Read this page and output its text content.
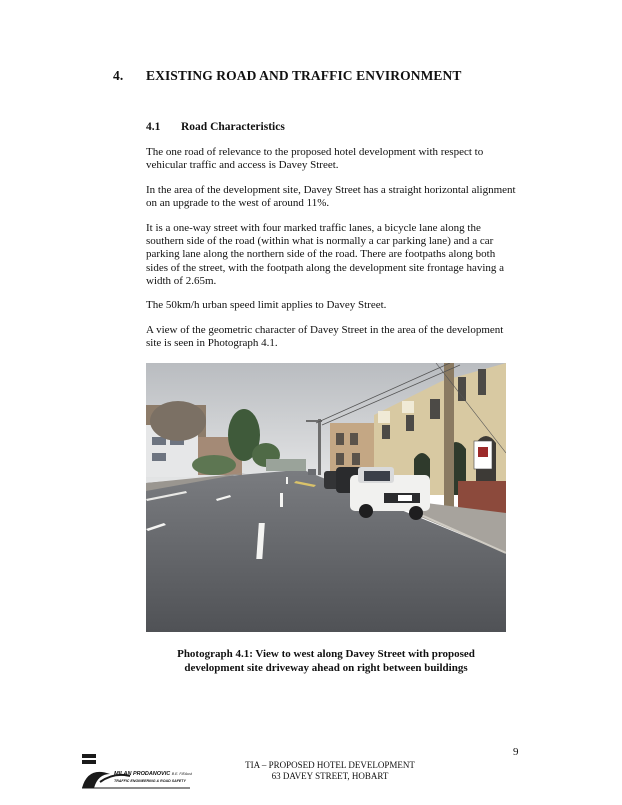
4. EXISTING ROAD AND TRAFFIC ENVIRONMENT
4.1 Road Characteristics
The one road of relevance to the proposed hotel development with respect to vehicular traffic and access is Davey Street.
In the area of the development site, Davey Street has a straight horizontal alignment on an upgrade to the west of around 11%.
It is a one-way street with four marked traffic lanes, a bicycle lane along the southern side of the road (within what is normally a car parking lane) and a car parking lane along the northern side of the road. There are footpaths along both sides of the street, with the footpath along the development site frontage having a width of 2.65m.
The 50km/h urban speed limit applies to Davey Street.
A view of the geometric character of Davey Street in the area of the development site is seen in Photograph 4.1.
Photograph 4.1: View to west along Davey Street with proposed
development site driveway ahead on right between buildings
9
MILAN PRODANOVIC B.E. FIEAust
TRAFFIC ENGINEERING & ROAD SAFETY
TIA – PROPOSED HOTEL DEVELOPMENT
63 DAVEY STREET, HOBART
